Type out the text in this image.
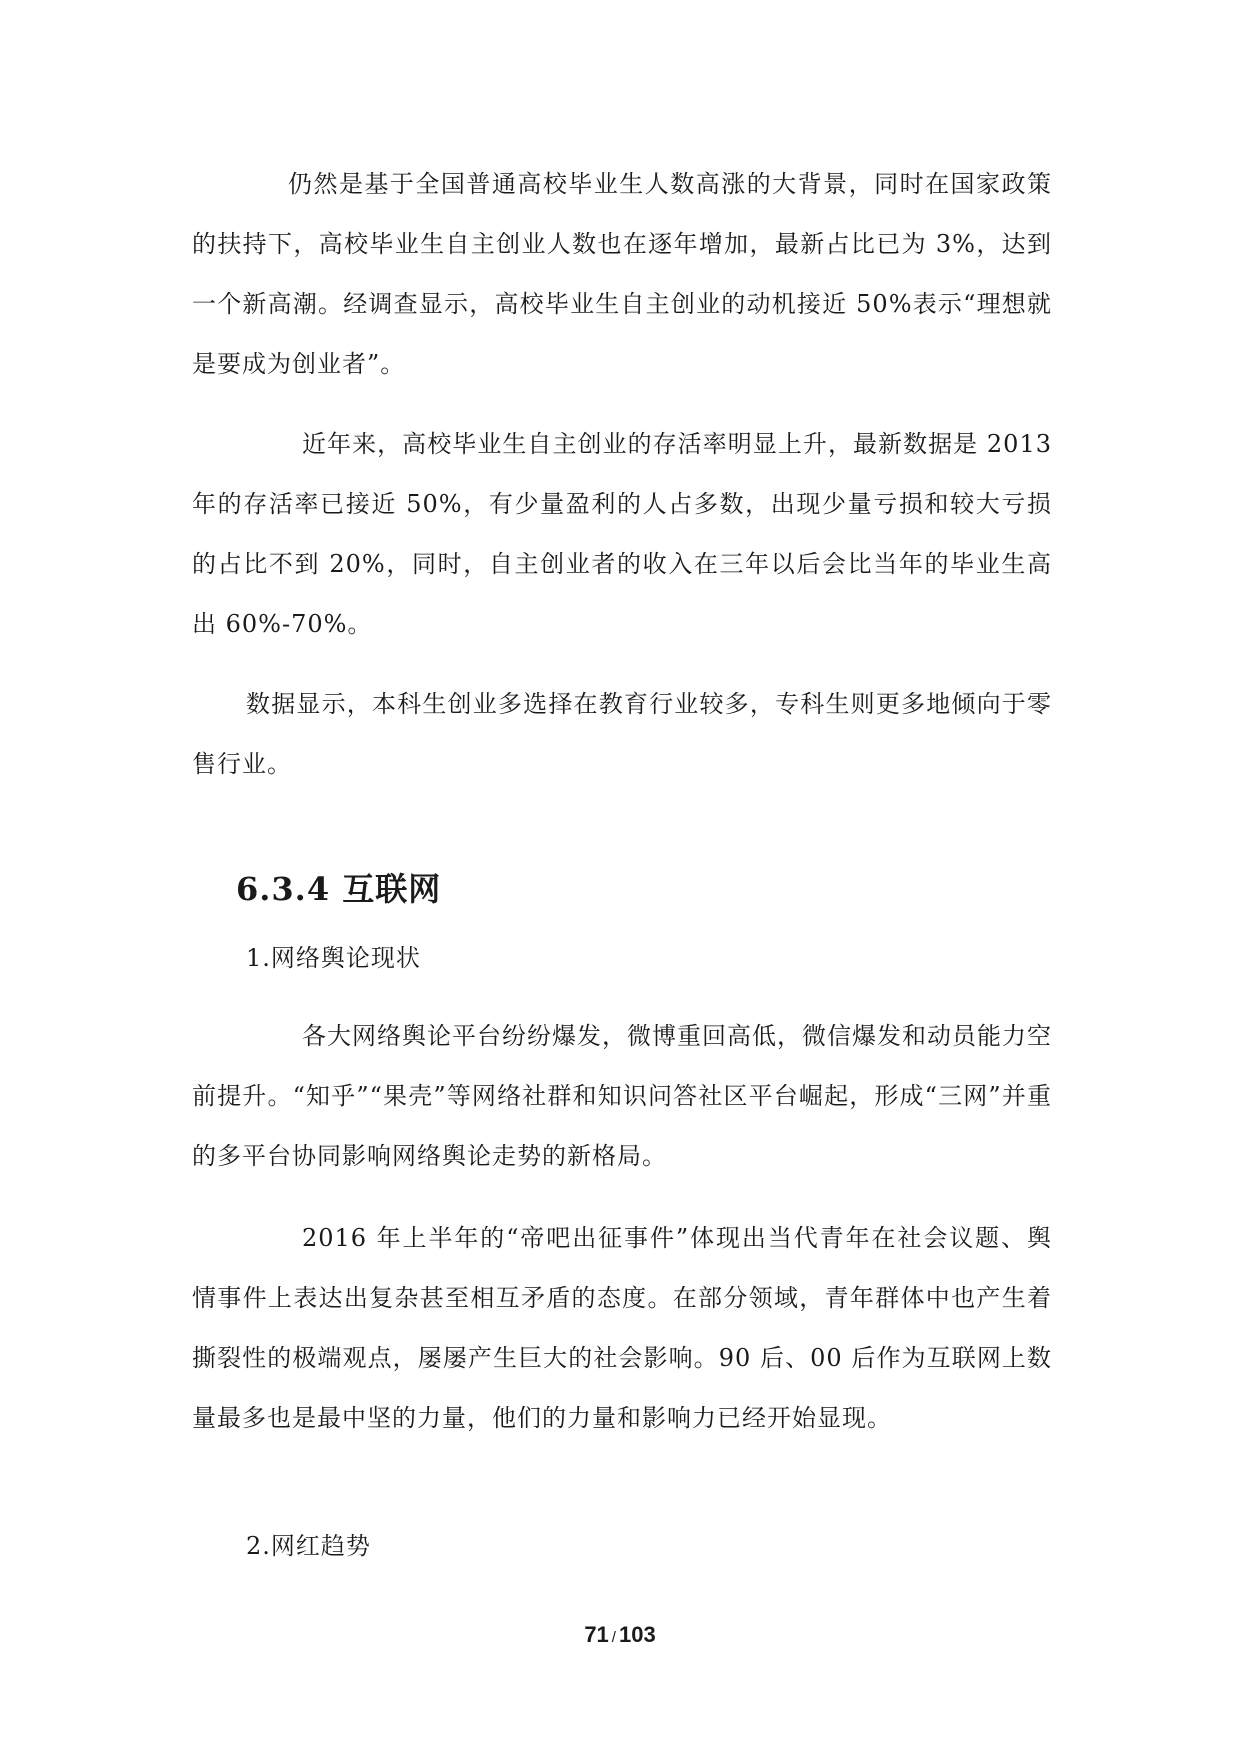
仍然是基于全国普通高校毕业生人数高涨的大背景，同时在国家政策的扶持下，高校毕业生自主创业人数也在逐年增加，最新占比已为 3%，达到一个新高潮。经调查显示，高校毕业生自主创业的动机接近 50%表示“理想就是要成为创业者”。

近年来，高校毕业生自主创业的存活率明显上升，最新数据是 2013 年的存活率已接近 50%，有少量盈利的人占多数，出现少量亏损和较大亏损的占比不到 20%，同时，自主创业者的收入在三年以后会比当年的毕业生高出 60%-70%。

数据显示，本科生创业多选择在教育行业较多，专科生则更多地倾向于零售行业。

6.3.4 互联网
1.网络舆论现状

各大网络舆论平台纷纷爆发，微博重回高低，微信爆发和动员能力空前提升。“知乎”“果壳”等网络社群和知识问答社区平台崛起，形成“三网”并重的多平台协同影响网络舆论走势的新格局。

2016 年上半年的“帝吧出征事件”体现出当代青年在社会议题、舆情事件上表达出复杂甚至相互矛盾的态度。在部分领域，青年群体中也产生着撕裂性的极端观点，屡屡产生巨大的社会影响。90 后、00 后作为互联网上数量最多也是最中坚的力量，他们的力量和影响力已经开始显现。

2.网红趋势
71 / 103
